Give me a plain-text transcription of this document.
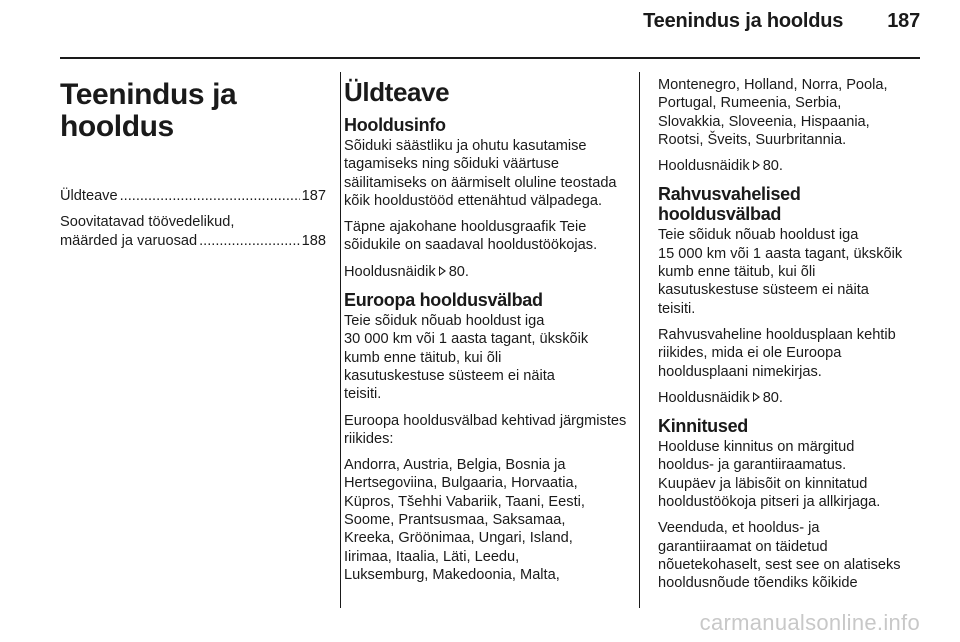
Teenindus ja hooldus 187
Teenindus ja
hooldus
Üldteave .....	187
Soovitatavad töövedelikud,
määrded ja varuosad .....	188
Üldteave
Hooldusinfo

Sõiduki säästliku ja ohutu kasutamise tagamiseks ning sõiduki väärtuse säilitamiseks on äärmiselt oluline teostada kõik hooldustööd ettenähtud välpadega.

Täpne ajakohane hooldusgraafik Teie sõidukile on saadaval hooldustöökojas.

Hooldusnäidik 80.

Euroopa hooldusvälbad

Teie sõiduk nõuab hooldust iga
30 000 km või 1 aasta tagant, ükskõik
kumb enne täitub, kui õli
kasutuskestuse süsteem ei näita
teisiti.

Euroopa hooldusvälbad kehtivad järgmistes riikides:

Andorra, Austria, Belgia, Bosnia ja
Hertsegoviina, Bulgaaria, Horvaatia,
Küpros, Tšehhi Vabariik, Taani, Eesti,
Soome, Prantsusmaa, Saksamaa,
Kreeka, Gröönimaa, Ungari, Island,
Iirimaa, Itaalia, Läti, Leedu,
Luksemburg, Makedoonia, Malta,

Montenegro, Holland, Norra, Poola,
Portugal, Rumeenia, Serbia,
Slovakkia, Sloveenia, Hispaania,
Rootsi, Šveits, Suurbritannia.

Hooldusnäidik 80.

Rahvusvahelised hooldusvälbad

Teie sõiduk nõuab hooldust iga
15 000 km või 1 aasta tagant, ükskõik
kumb enne täitub, kui õli
kasutuskestuse süsteem ei näita
teisiti.

Rahvusvaheline hooldusplaan kehtib
riikides, mida ei ole Euroopa
hooldusplaani nimekirjas.

Hooldusnäidik 80.

Kinnitused

Hoolduse kinnitus on märgitud
hooldus- ja garantiiraamatus.
Kuupäev ja läbisõit on kinnitatud
hooldustöökoja pitseri ja allkirjaga.

Veenduda, et hooldus- ja
garantiiraamat on täidetud
nõuetekohaselt, sest see on alatiseks
hooldusnõude tõendiks kõikide

carmanualsonline.info
